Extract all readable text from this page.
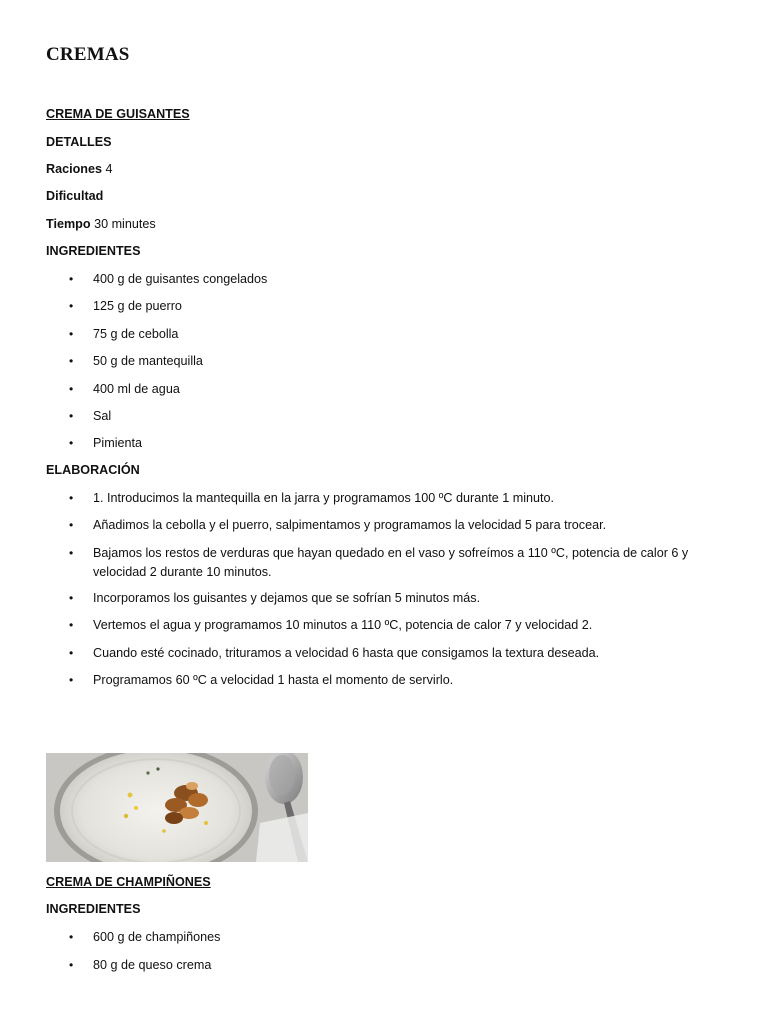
CREMAS
CREMA DE GUISANTES
DETALLES
Raciones 4
Dificultad
Tiempo 30 minutes
INGREDIENTES
• 400 g de guisantes congelados
• 125 g de puerro
• 75 g de cebolla
• 50 g de mantequilla
• 400 ml de agua
• Sal
• Pimienta
ELABORACIÓN
• 1. Introducimos la mantequilla en la jarra y programamos 100 ºC durante 1 minuto.
• Añadimos la cebolla y el puerro, salpimentamos y programamos la velocidad 5 para trocear.
• Bajamos los restos de verduras que hayan quedado en el vaso y sofreímos a 110 ºC, potencia de calor 6 y velocidad 2 durante 10 minutos.
• Incorporamos los guisantes y dejamos que se sofrían 5 minutos más.
• Vertemos el agua y programamos 10 minutos a 110 ºC, potencia de calor 7 y velocidad 2.
• Cuando esté cocinado, trituramos a velocidad 6 hasta que consigamos la textura deseada.
• Programamos 60 ºC a velocidad 1 hasta el momento de servirlo.
CREMA DE CHAMPIÑONES
INGREDIENTES
• 600 g de champiñones
• 80 g de queso crema
